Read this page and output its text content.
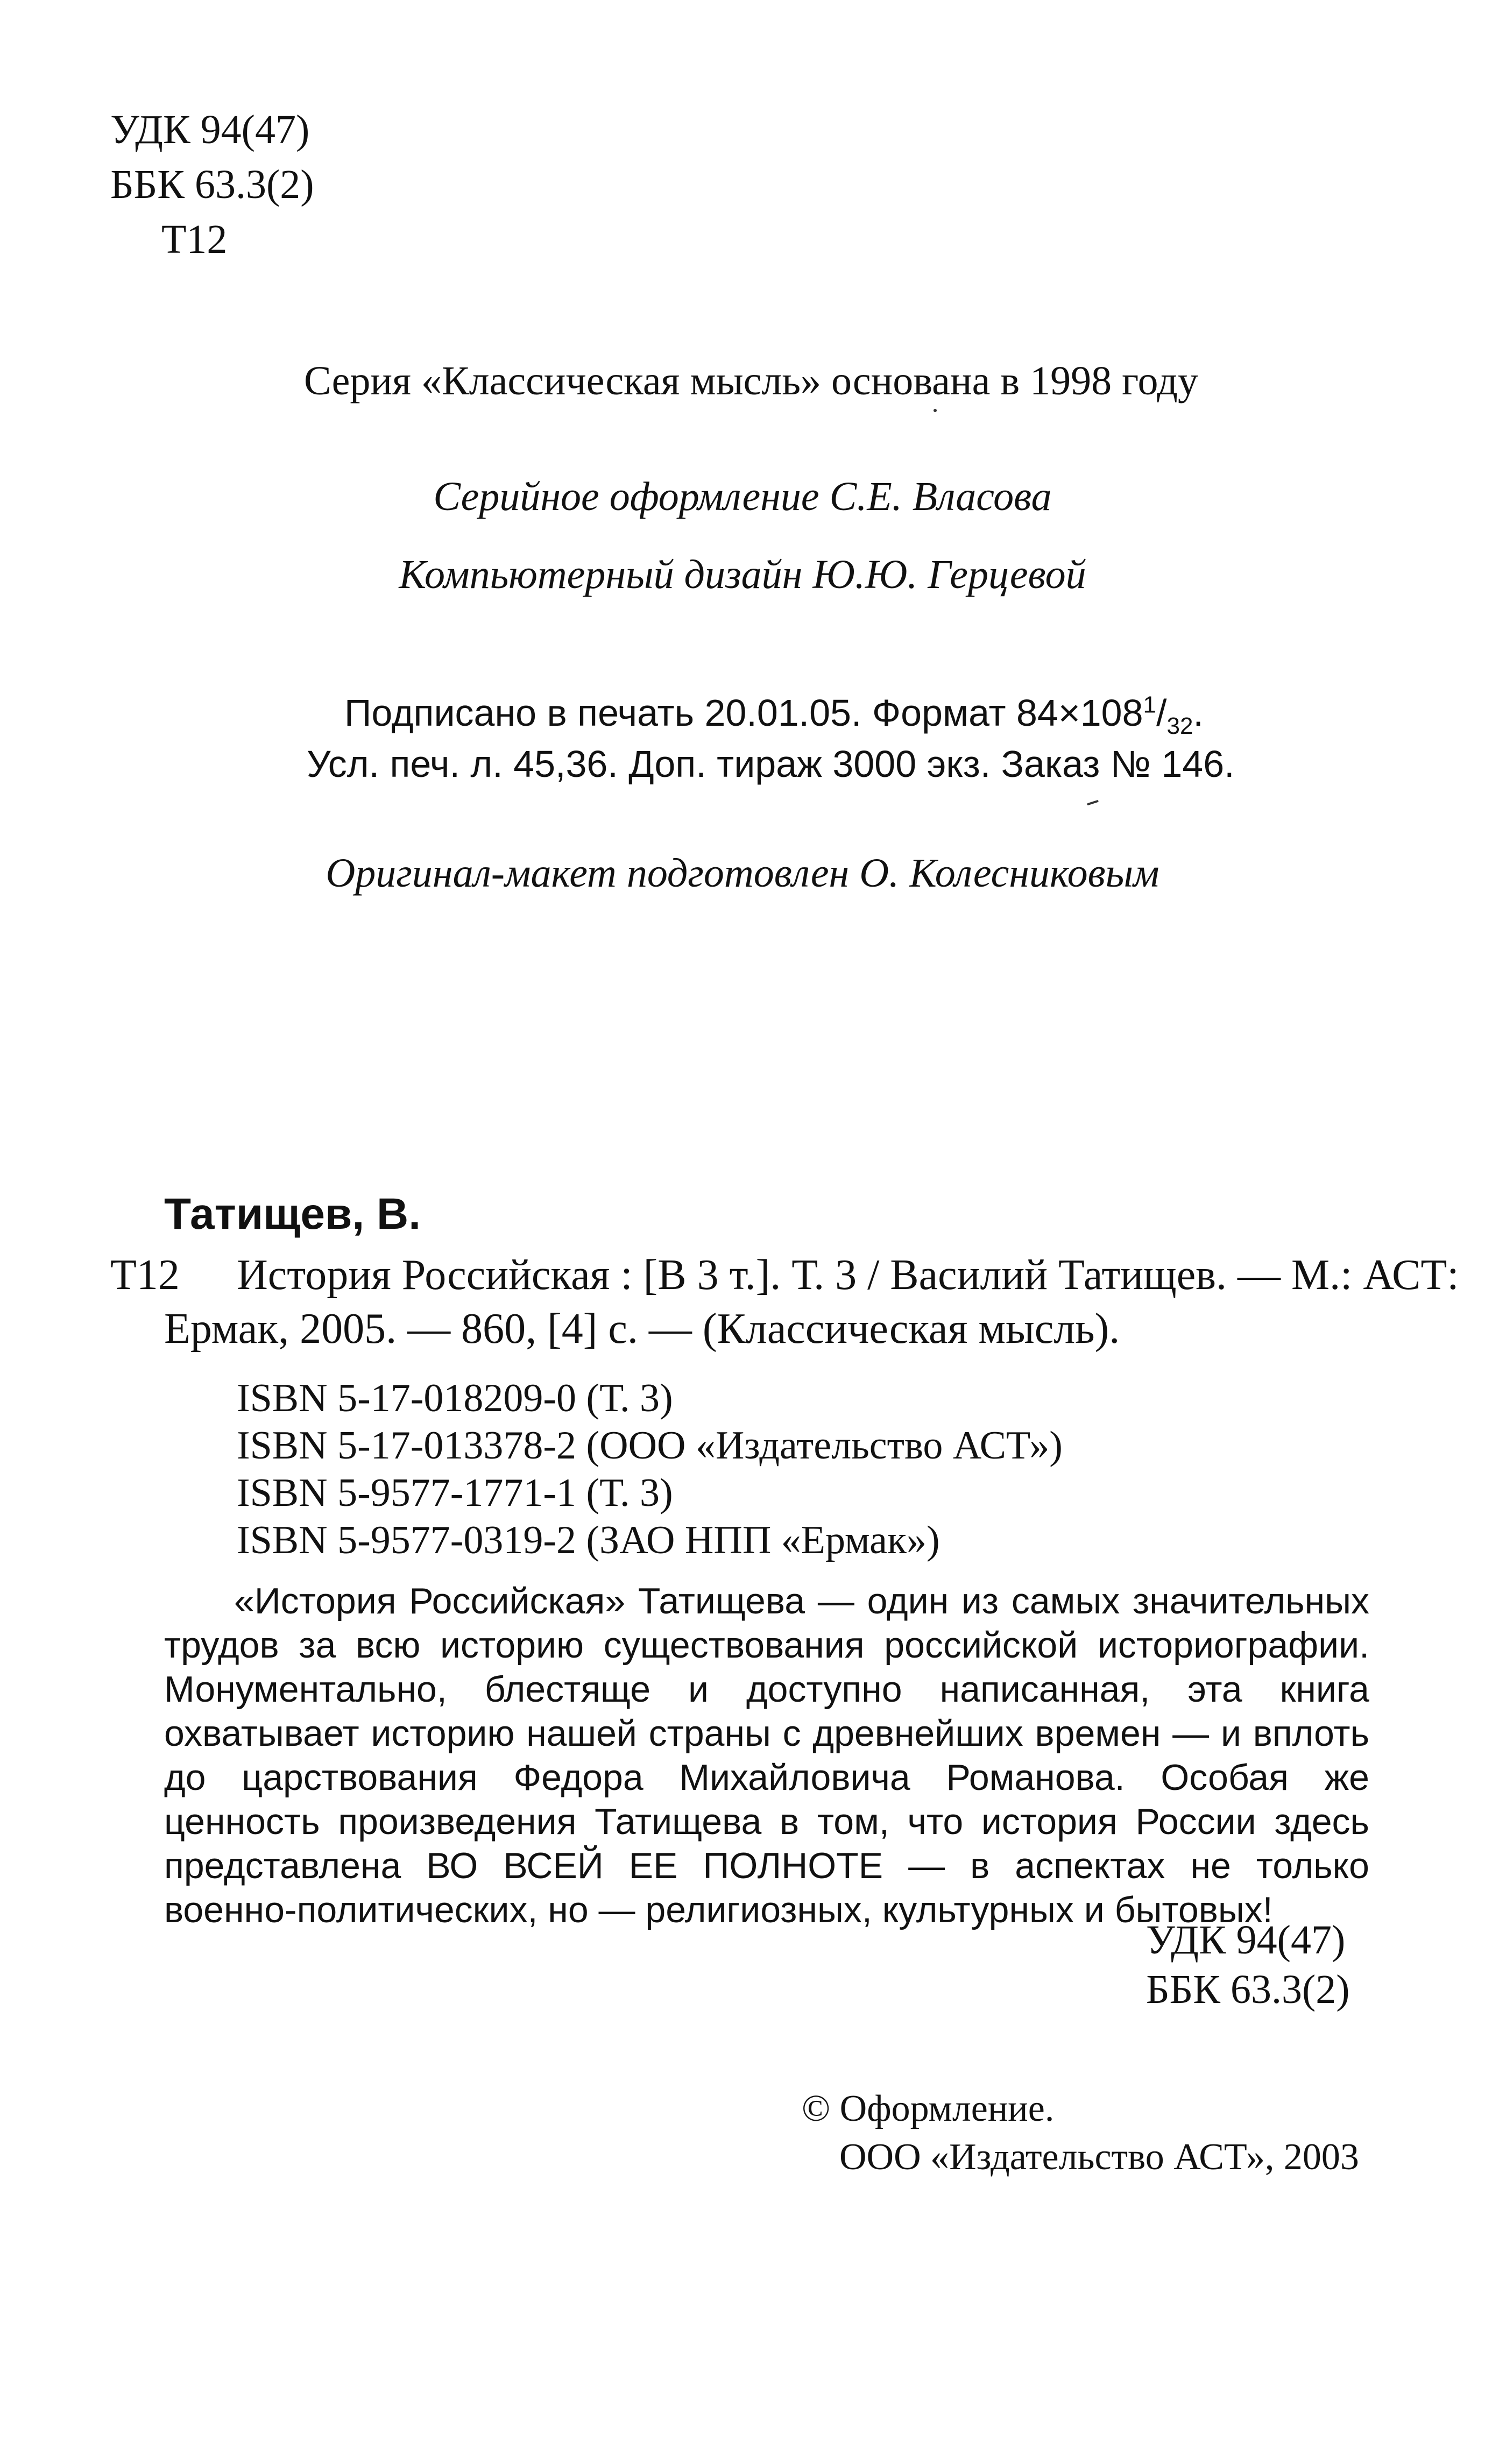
УДК 94(47)
ББК 63.3(2)
Т12
Серия «Классическая мысль» основана в 1998 году
Серийное оформление С.Е. Власова
Компьютерный дизайн Ю.Ю. Герцевой
Подписано в печать 20.01.05. Формат $84\times 108^1/_{32}$.
Усл. печ. л. 45,36. Доп. тираж 3000 экз. Заказ № 146.
Оригинал-макет подготовлен О. Колесниковым
Татищев, В.
Т12 История Российская : [В 3 т.]. Т. 3 / Василий Татищев. — М.: АСТ:
Ермак, 2005. — 860, [4] с. — (Классическая мысль).
ISBN 5-17-018209-0 (Т. 3)
ISBN 5-17-013378-2 (ООО «Издательство АСТ»)
ISBN 5-9577-1771-1 (Т. 3)
ISBN 5-9577-0319-2 (ЗАО НПП «Ермак»)

«История Российская» Татищева — один из самых значительных трудов за всю историю существования российской историографии. Монументально, блестяще и доступно написанная, эта книга охватывает историю нашей страны с древнейших времен — и вплоть до царствования Федора Михайловича Романова. Особая же ценность произведения Татищева в том, что история России здесь представлена ВО ВСЕЙ ЕЕ ПОЛНОТЕ — в аспектах не только военно-политических, но — религиозных, культурных и бытовых!

УДК 94(47)
ББК 63.3(2)
© Оформление.
ООО «Издательство АСТ», 2003
